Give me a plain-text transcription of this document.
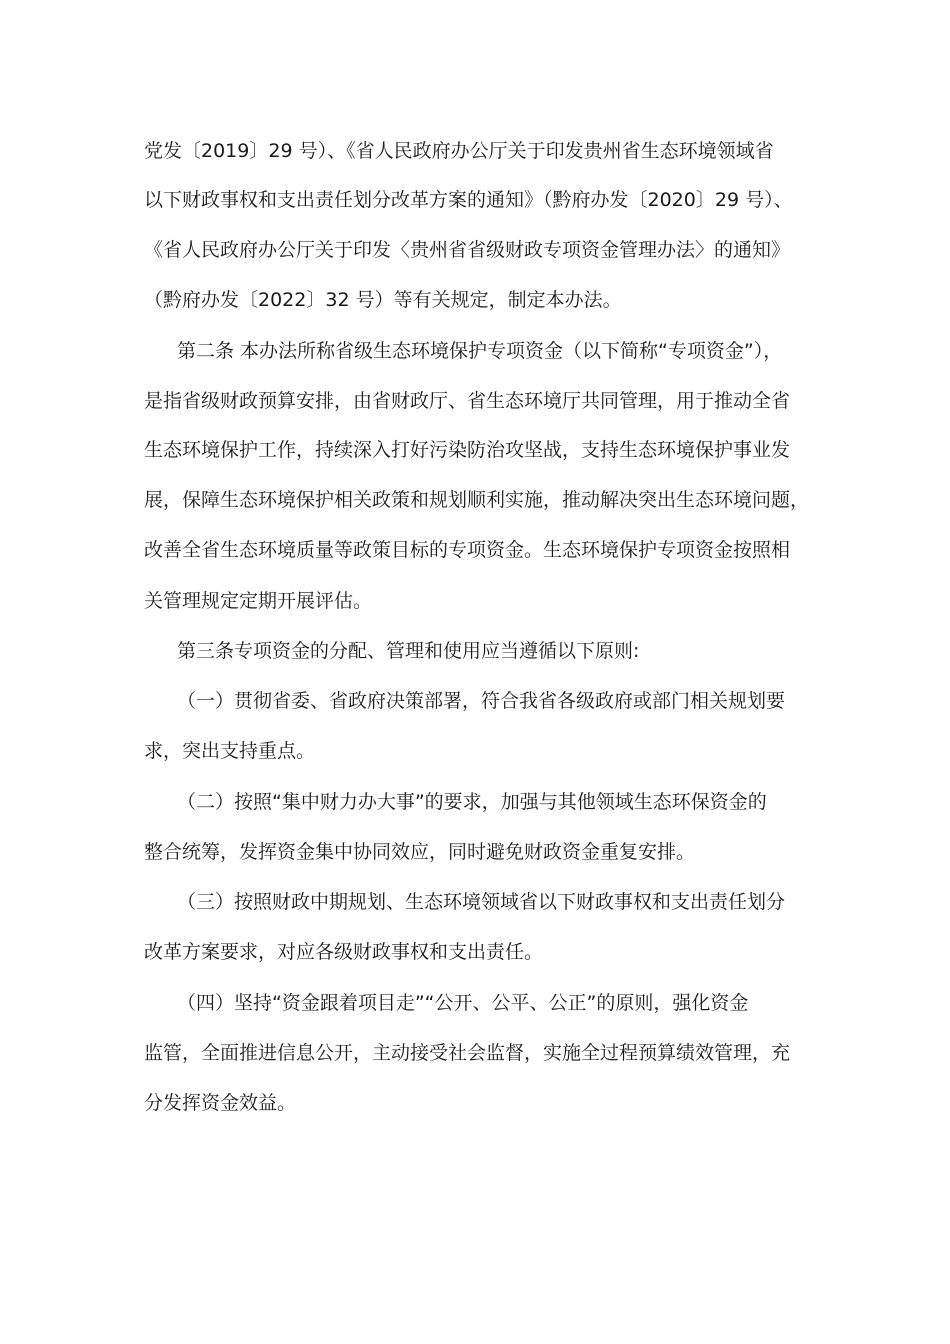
党发〔2019〕29 号）、《省人民政府办公厅关于印发贵州省生态环境领域省
以下财政事权和支出责任划分改革方案的通知》（黔府办发〔2020〕29 号）、
《省人民政府办公厅关于印发〈贵州省省级财政专项资金管理办法〉的通知》
（黔府办发〔2022〕32 号）等有关规定，制定本办法。
第二条 本办法所称省级生态环境保护专项资金（以下简称“专项资金”），
是指省级财政预算安排，由省财政厅、省生态环境厅共同管理，用于推动全省
生态环境保护工作，持续深入打好污染防治攻坚战，支持生态环境保护事业发
展，保障生态环境保护相关政策和规划顺利实施，推动解决突出生态环境问题，
改善全省生态环境质量等政策目标的专项资金。生态环境保护专项资金按照相
关管理规定定期开展评估。
第三条专项资金的分配、管理和使用应当遵循以下原则:
（一）贯彻省委、省政府决策部署，符合我省各级政府或部门相关规划要
求，突出支持重点。
（二）按照“集中财力办大事”的要求，加强与其他领域生态环保资金的
整合统筹，发挥资金集中协同效应，同时避免财政资金重复安排。
（三）按照财政中期规划、生态环境领域省以下财政事权和支出责任划分
改革方案要求，对应各级财政事权和支出责任。
（四）坚持“资金跟着项目走”“公开、公平、公正”的原则，强化资金
监管，全面推进信息公开，主动接受社会监督，实施全过程预算绩效管理，充
分发挥资金效益。
